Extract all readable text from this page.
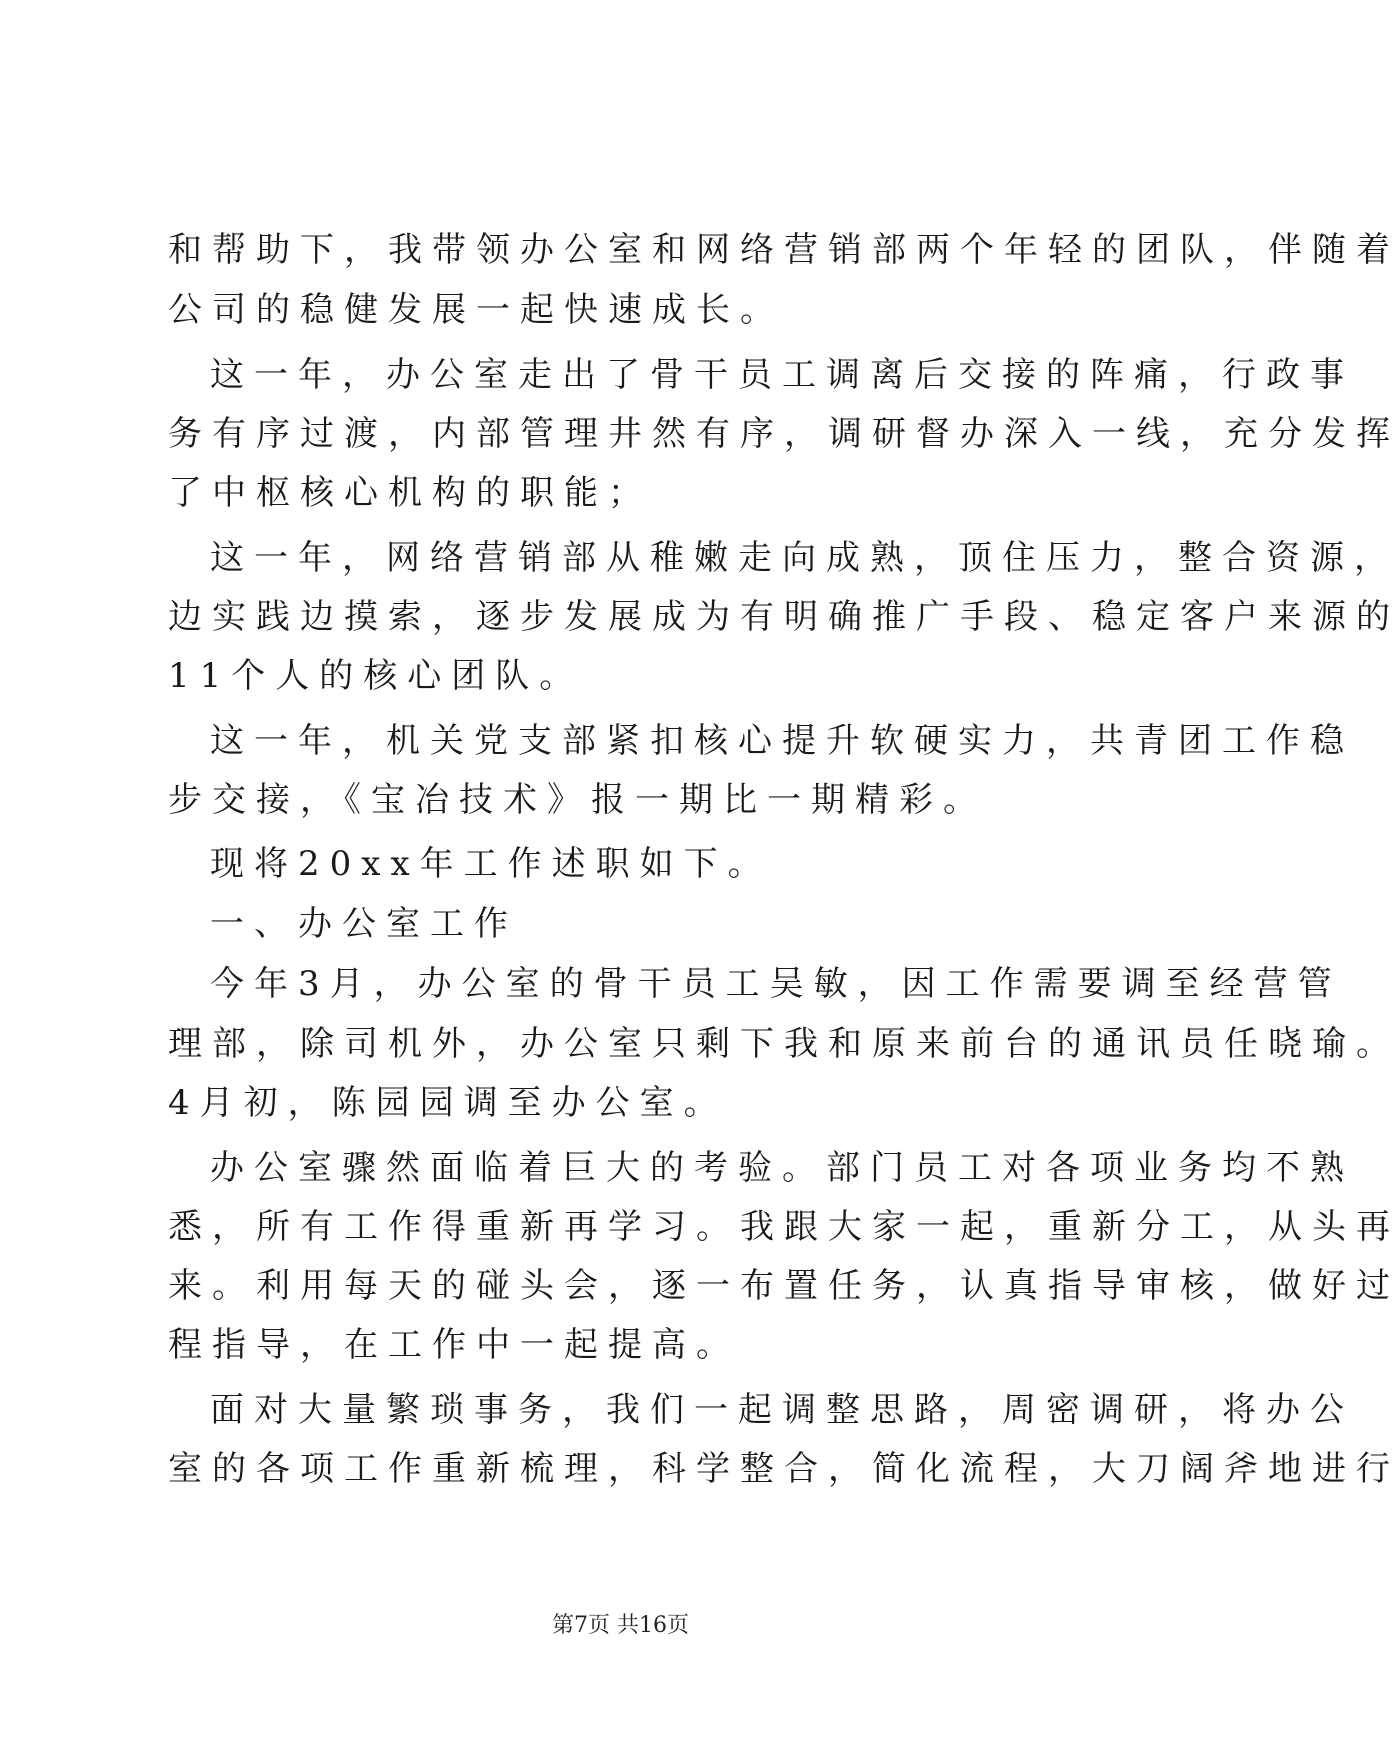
和帮助下，我带领办公室和网络营销部两个年轻的团队，伴随着
公司的稳健发展一起快速成长。
这一年，办公室走出了骨干员工调离后交接的阵痛，行政事
务有序过渡，内部管理井然有序，调研督办深入一线，充分发挥
了中枢核心机构的职能；
这一年，网络营销部从稚嫩走向成熟，顶住压力，整合资源，
边实践边摸索，逐步发展成为有明确推广手段、稳定客户来源的
11个人的核心团队。
这一年，机关党支部紧扣核心提升软硬实力，共青团工作稳
步交接，《宝冶技术》报一期比一期精彩。
现将20xx年工作述职如下。
一、办公室工作
今年3月，办公室的骨干员工吴敏，因工作需要调至经营管
理部，除司机外，办公室只剩下我和原来前台的通讯员任晓瑜。
4月初，陈园园调至办公室。
办公室骤然面临着巨大的考验。部门员工对各项业务均不熟
悉，所有工作得重新再学习。我跟大家一起，重新分工，从头再
来。利用每天的碰头会，逐一布置任务，认真指导审核，做好过
程指导，在工作中一起提高。
面对大量繁琐事务，我们一起调整思路，周密调研，将办公
室的各项工作重新梳理，科学整合，简化流程，大刀阔斧地进行
第7页 共16页
